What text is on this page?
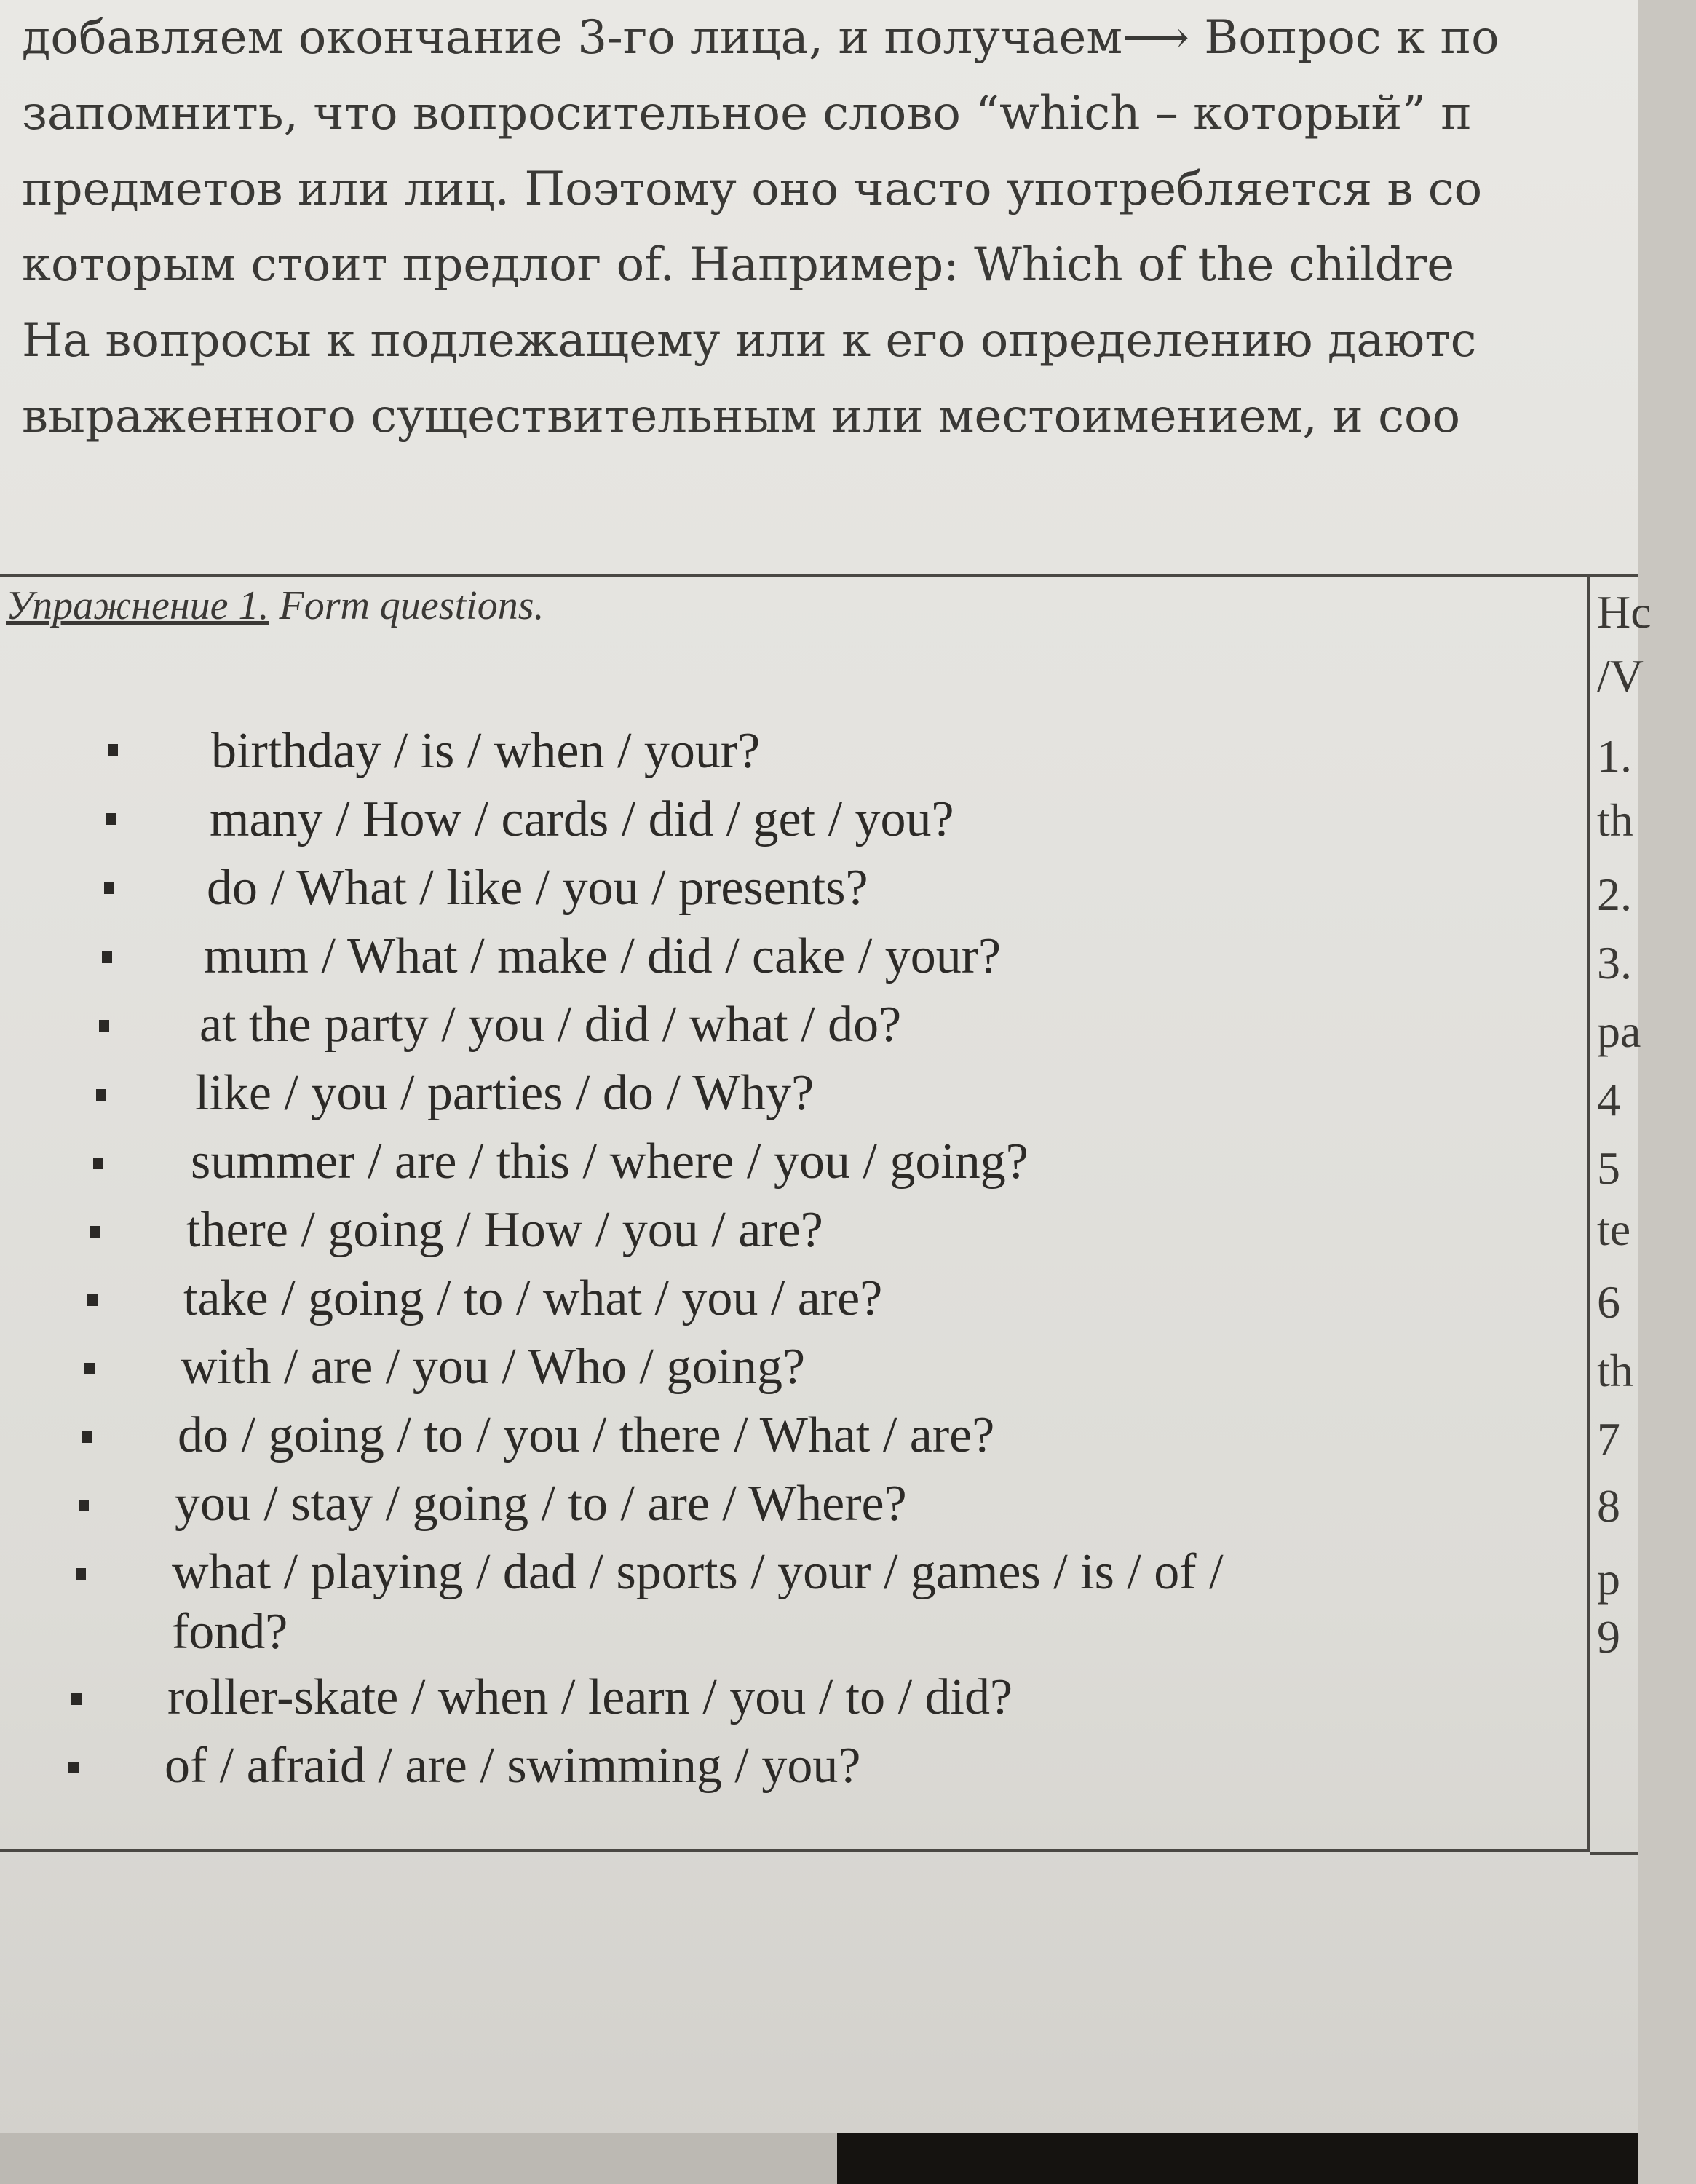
добавляем окончание 3-го лица, и получаем⟶ Вопрос к по
запомнить, что вопросительное слово “which – который” п
предметов или лиц. Поэтому оно часто употребляется в со
которым стоит предлог of. Например: Which of the childre
На вопросы к подлежащему или к его определению даютс
выраженного существительным или местоимением, и соо
Упражнение 1. Form questions.
birthday / is / when / your?
many / How / cards / did / get / you?
do / What / like / you / presents?
mum / What / make / did / cake / your?
at the party / you / did / what / do?
like / you / parties / do / Why?
summer / are / this / where / you / going?
there / going / How / you / are?
take / going / to / what / you / are?
with / are / you / Who / going?
do / going / to / you / there / What / are?
you / stay / going / to / are / Where?
what / playing / dad / sports / your / games / is / of /
fond?
roller-skate / when / learn / you / to / did?
of / afraid / are / swimming / you?
Hc
/V
1.
th
2.
3.
pa
4
5
te
6
th
7
8
p
9
